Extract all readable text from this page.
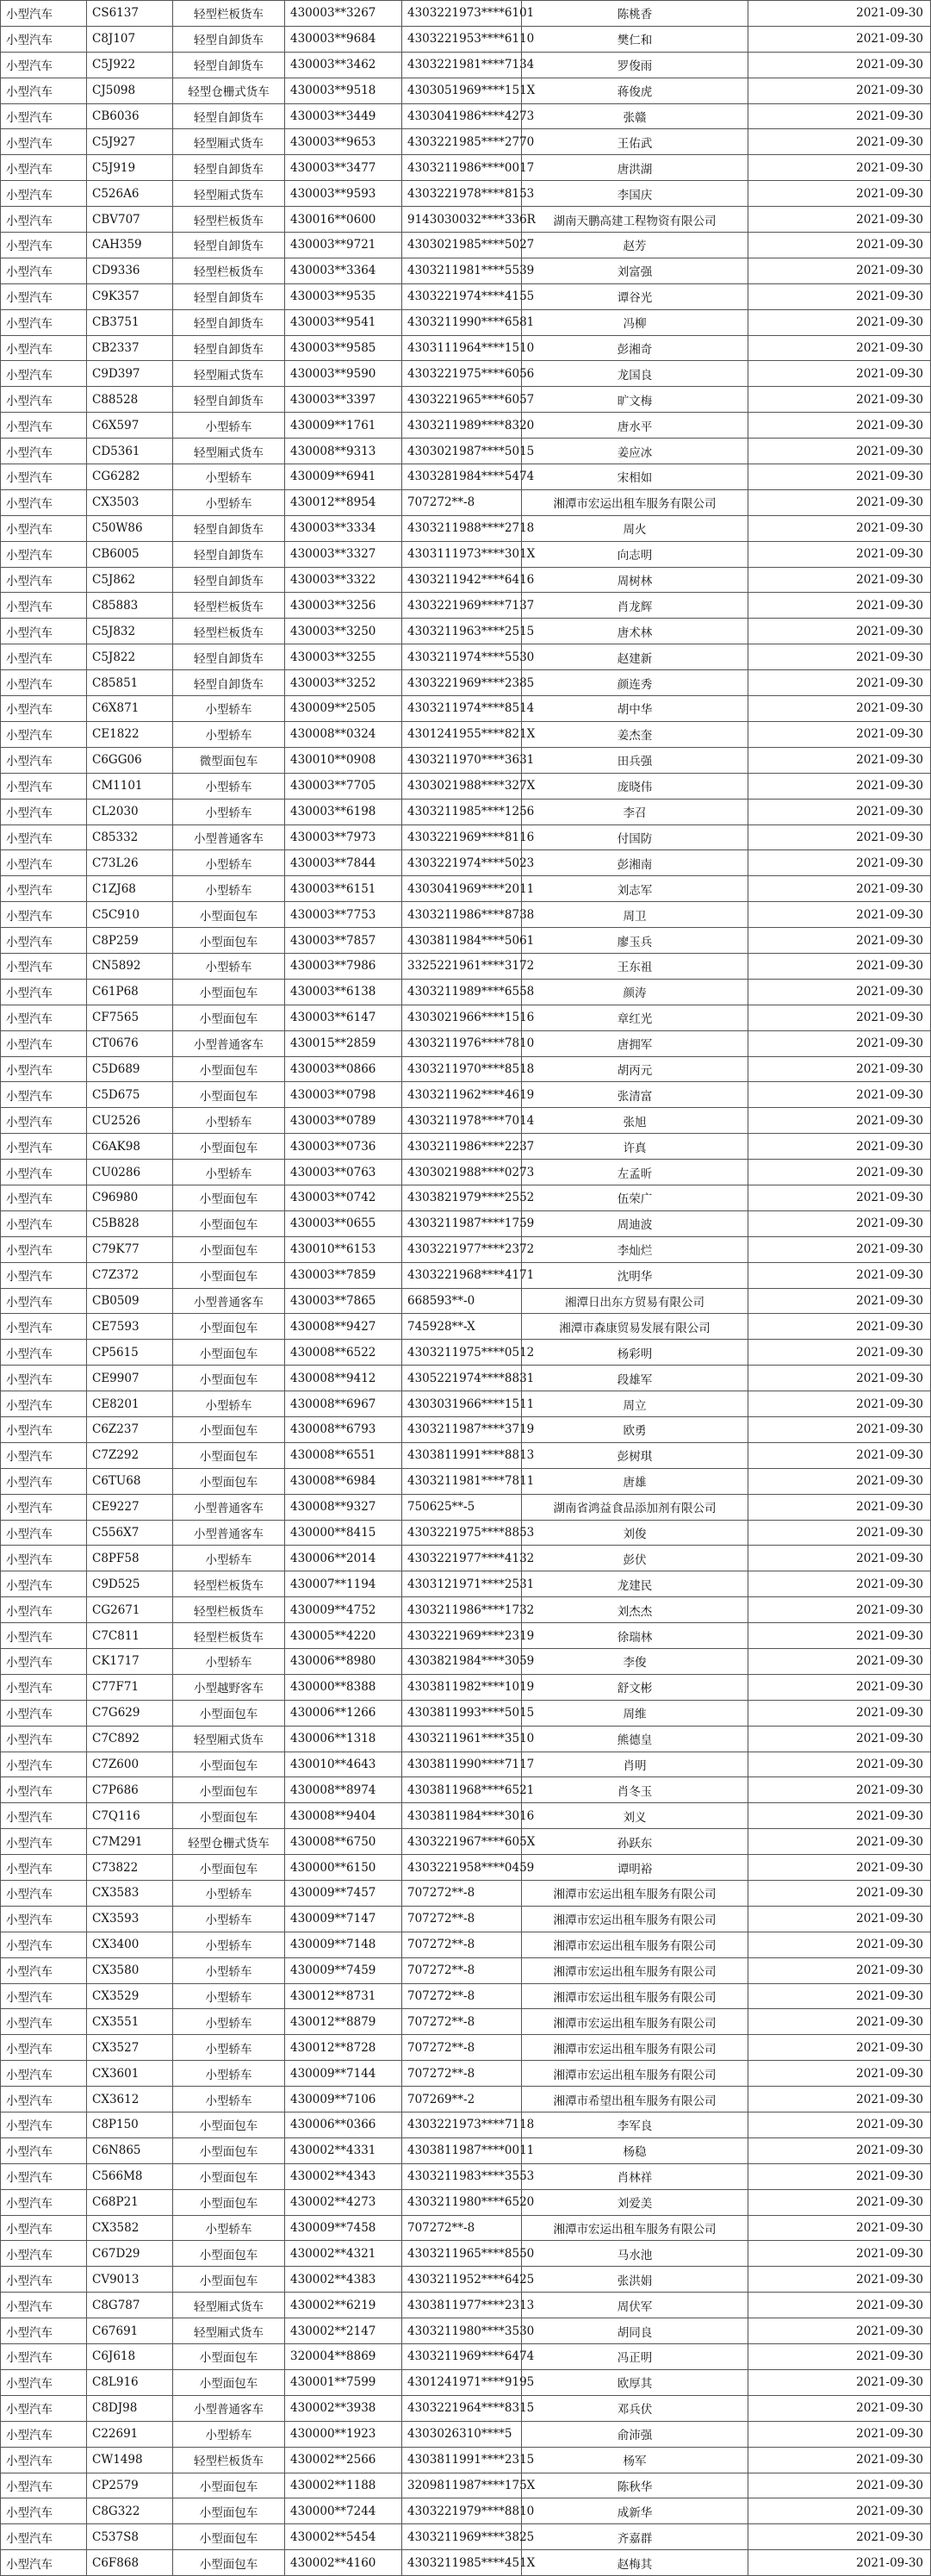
小型汽车	CS6137	轻型栏板货车	430003**3267	4303221973****6101	陈桃香	2021-09-30
小型汽车	C8J107	轻型自卸货车	430003**9684	4303221953****6110	樊仁和	2021-09-30
小型汽车	C5J922	轻型自卸货车	430003**3462	4303221981****7134	罗俊雨	2021-09-30
小型汽车	CJ5098	轻型仓栅式货车	430003**9518	4303051969****151X	蒋俊虎	2021-09-30
小型汽车	CB6036	轻型自卸货车	430003**3449	4303041986****4273	张赣	2021-09-30
小型汽车	C5J927	轻型厢式货车	430003**9653	4303221985****2770	王佑武	2021-09-30
小型汽车	C5J919	轻型自卸货车	430003**3477	4303211986****0017	唐洪湖	2021-09-30
小型汽车	C526A6	轻型厢式货车	430003**9593	4303221978****8153	李国庆	2021-09-30
小型汽车	CBV707	轻型栏板货车	430016**0600	9143030032****336R	湖南天鹏高建工程物资有限公司	2021-09-30
小型汽车	CAH359	轻型自卸货车	430003**9721	4303021985****5027	赵芳	2021-09-30
小型汽车	CD9336	轻型栏板货车	430003**3364	4303211981****5539	刘富强	2021-09-30
小型汽车	C9K357	轻型自卸货车	430003**9535	4303221974****4155	谭谷光	2021-09-30
小型汽车	CB3751	轻型自卸货车	430003**9541	4303211990****6581	冯柳	2021-09-30
小型汽车	CB2337	轻型自卸货车	430003**9585	4303111964****1510	彭湘奇	2021-09-30
小型汽车	C9D397	轻型厢式货车	430003**9590	4303221975****6056	龙国良	2021-09-30
小型汽车	C88528	轻型自卸货车	430003**3397	4303221965****6057	旷文梅	2021-09-30
小型汽车	C6X597	小型轿车	430009**1761	4303211989****8320	唐水平	2021-09-30
小型汽车	CD5361	轻型厢式货车	430008**9313	4303021987****5015	姜应冰	2021-09-30
小型汽车	CG6282	小型轿车	430009**6941	4303281984****5474	宋相如	2021-09-30
小型汽车	CX3503	小型轿车	430012**8954	707272**-8	湘潭市宏运出租车服务有限公司	2021-09-30
小型汽车	C50W86	轻型自卸货车	430003**3334	4303211988****2718	周火	2021-09-30
小型汽车	CB6005	轻型自卸货车	430003**3327	4303111973****301X	向志明	2021-09-30
小型汽车	C5J862	轻型自卸货车	430003**3322	4303211942****6416	周树林	2021-09-30
小型汽车	C85883	轻型栏板货车	430003**3256	4303221969****7137	肖龙辉	2021-09-30
小型汽车	C5J832	轻型栏板货车	430003**3250	4303211963****2515	唐术林	2021-09-30
小型汽车	C5J822	轻型自卸货车	430003**3255	4303211974****5530	赵建新	2021-09-30
小型汽车	C85851	轻型自卸货车	430003**3252	4303221969****2385	颜连秀	2021-09-30
小型汽车	C6X871	小型轿车	430009**2505	4303211974****8514	胡中华	2021-09-30
小型汽车	CE1822	小型轿车	430008**0324	4301241955****821X	姜杰奎	2021-09-30
小型汽车	C6GG06	微型面包车	430010**0908	4303211970****3631	田兵强	2021-09-30
小型汽车	CM1101	小型轿车	430003**7705	4303021988****327X	庞晓伟	2021-09-30
小型汽车	CL2030	小型轿车	430003**6198	4303211985****1256	李召	2021-09-30
小型汽车	C85332	小型普通客车	430003**7973	4303221969****8116	付国防	2021-09-30
小型汽车	C73L26	小型轿车	430003**7844	4303221974****5023	彭湘南	2021-09-30
小型汽车	C1ZJ68	小型轿车	430003**6151	4303041969****2011	刘志军	2021-09-30
小型汽车	C5C910	小型面包车	430003**7753	4303211986****8738	周卫	2021-09-30
小型汽车	C8P259	小型面包车	430003**7857	4303811984****5061	廖玉兵	2021-09-30
小型汽车	CN5892	小型轿车	430003**7986	3325221961****3172	王东祖	2021-09-30
小型汽车	C61P68	小型面包车	430003**6138	4303211989****6558	颜涛	2021-09-30
小型汽车	CF7565	小型面包车	430003**6147	4303021966****1516	章红光	2021-09-30
小型汽车	CT0676	小型普通客车	430015**2859	4303211976****7810	唐拥军	2021-09-30
小型汽车	C5D689	小型面包车	430003**0866	4303211970****8518	胡丙元	2021-09-30
小型汽车	C5D675	小型面包车	430003**0798	4303211962****4619	张清富	2021-09-30
小型汽车	CU2526	小型轿车	430003**0789	4303211978****7014	张旭	2021-09-30
小型汽车	C6AK98	小型面包车	430003**0736	4303211986****2237	许真	2021-09-30
小型汽车	CU0286	小型轿车	430003**0763	4303021988****0273	左孟昕	2021-09-30
小型汽车	C96980	小型面包车	430003**0742	4303821979****2552	伍荣广	2021-09-30
小型汽车	C5B828	小型面包车	430003**0655	4303211987****1759	周迪波	2021-09-30
小型汽车	C79K77	小型面包车	430010**6153	4303221977****2372	李灿烂	2021-09-30
小型汽车	C7Z372	小型面包车	430003**7859	4303221968****4171	沈明华	2021-09-30
小型汽车	CB0509	小型普通客车	430003**7865	668593**-0	湘潭日出东方贸易有限公司	2021-09-30
小型汽车	CE7593	小型面包车	430008**9427	745928**-X	湘潭市森康贸易发展有限公司	2021-09-30
小型汽车	CP5615	小型面包车	430008**6522	4303211975****0512	杨彩明	2021-09-30
小型汽车	CE9907	小型面包车	430008**9412	4305221974****8831	段雄军	2021-09-30
小型汽车	CE8201	小型轿车	430008**6967	4303031966****1511	周立	2021-09-30
小型汽车	C6Z237	小型面包车	430008**6793	4303211987****3719	欧勇	2021-09-30
小型汽车	C7Z292	小型面包车	430008**6551	4303811991****8813	彭树琪	2021-09-30
小型汽车	C6TU68	小型面包车	430008**6984	4303211981****7811	唐雄	2021-09-30
小型汽车	CE9227	小型普通客车	430008**9327	750625**-5	湖南省鸿益食品添加剂有限公司	2021-09-30
小型汽车	C556X7	小型普通客车	430000**8415	4303221975****8853	刘俊	2021-09-30
小型汽车	C8PF58	小型轿车	430006**2014	4303221977****4132	彭伏	2021-09-30
小型汽车	C9D525	轻型栏板货车	430007**1194	4303121971****2531	龙建民	2021-09-30
小型汽车	CG2671	轻型栏板货车	430009**4752	4303211986****1732	刘杰杰	2021-09-30
小型汽车	C7C811	轻型栏板货车	430005**4220	4303221969****2319	徐瑞林	2021-09-30
小型汽车	CK1717	小型轿车	430006**8980	4303821984****3059	李俊	2021-09-30
小型汽车	C77F71	小型越野客车	430000**8388	4303811982****1019	舒文彬	2021-09-30
小型汽车	C7G629	小型面包车	430006**1266	4303811993****5015	周维	2021-09-30
小型汽车	C7C892	轻型厢式货车	430006**1318	4303211961****3510	熊德皇	2021-09-30
小型汽车	C7Z600	小型面包车	430010**4643	4303811990****7117	肖明	2021-09-30
小型汽车	C7P686	小型面包车	430008**8974	4303811968****6521	肖冬玉	2021-09-30
小型汽车	C7Q116	小型面包车	430008**9404	4303811984****3016	刘义	2021-09-30
小型汽车	C7M291	轻型仓栅式货车	430008**6750	4303221967****605X	孙跃东	2021-09-30
小型汽车	C73822	小型面包车	430000**6150	4303221958****0459	谭明裕	2021-09-30
小型汽车	CX3583	小型轿车	430009**7457	707272**-8	湘潭市宏运出租车服务有限公司	2021-09-30
小型汽车	CX3593	小型轿车	430009**7147	707272**-8	湘潭市宏运出租车服务有限公司	2021-09-30
小型汽车	CX3400	小型轿车	430009**7148	707272**-8	湘潭市宏运出租车服务有限公司	2021-09-30
小型汽车	CX3580	小型轿车	430009**7459	707272**-8	湘潭市宏运出租车服务有限公司	2021-09-30
小型汽车	CX3529	小型轿车	430012**8731	707272**-8	湘潭市宏运出租车服务有限公司	2021-09-30
小型汽车	CX3551	小型轿车	430012**8879	707272**-8	湘潭市宏运出租车服务有限公司	2021-09-30
小型汽车	CX3527	小型轿车	430012**8728	707272**-8	湘潭市宏运出租车服务有限公司	2021-09-30
小型汽车	CX3601	小型轿车	430009**7144	707272**-8	湘潭市宏运出租车服务有限公司	2021-09-30
小型汽车	CX3612	小型轿车	430009**7106	707269**-2	湘潭市希望出租车服务有限公司	2021-09-30
小型汽车	C8P150	小型面包车	430006**0366	4303221973****7118	李军良	2021-09-30
小型汽车	C6N865	小型面包车	430002**4331	4303811987****0011	杨稳	2021-09-30
小型汽车	C566M8	小型面包车	430002**4343	4303211983****3553	肖林祥	2021-09-30
小型汽车	C68P21	小型面包车	430002**4273	4303211980****6520	刘爱美	2021-09-30
小型汽车	CX3582	小型轿车	430009**7458	707272**-8	湘潭市宏运出租车服务有限公司	2021-09-30
小型汽车	C67D29	小型面包车	430002**4321	4303211965****8550	马水池	2021-09-30
小型汽车	CV9013	小型面包车	430002**4383	4303211952****6425	张洪娟	2021-09-30
小型汽车	C8G787	轻型厢式货车	430002**6219	4303811977****2313	周伏军	2021-09-30
小型汽车	C67691	轻型厢式货车	430002**2147	4303211980****3530	胡同良	2021-09-30
小型汽车	C6J618	小型面包车	320004**8869	4303211969****6474	冯正明	2021-09-30
小型汽车	C8L916	小型面包车	430001**7599	4301241971****9195	欧厚其	2021-09-30
小型汽车	C8DJ98	小型普通客车	430002**3938	4303221964****8315	邓兵伏	2021-09-30
小型汽车	C22691	小型轿车	430000**1923	4303026310****5	俞沛强	2021-09-30
小型汽车	CW1498	轻型栏板货车	430002**2566	4303811991****2315	杨军	2021-09-30
小型汽车	CP2579	小型面包车	430002**1188	3209811987****175X	陈秋华	2021-09-30
小型汽车	C8G322	小型面包车	430000**7244	4303221979****8810	成新华	2021-09-30
小型汽车	C537S8	小型面包车	430002**5454	4303211969****3825	齐嘉群	2021-09-30
小型汽车	C6F868	小型面包车	430002**4160	4303211985****451X	赵梅其	2021-09-30
